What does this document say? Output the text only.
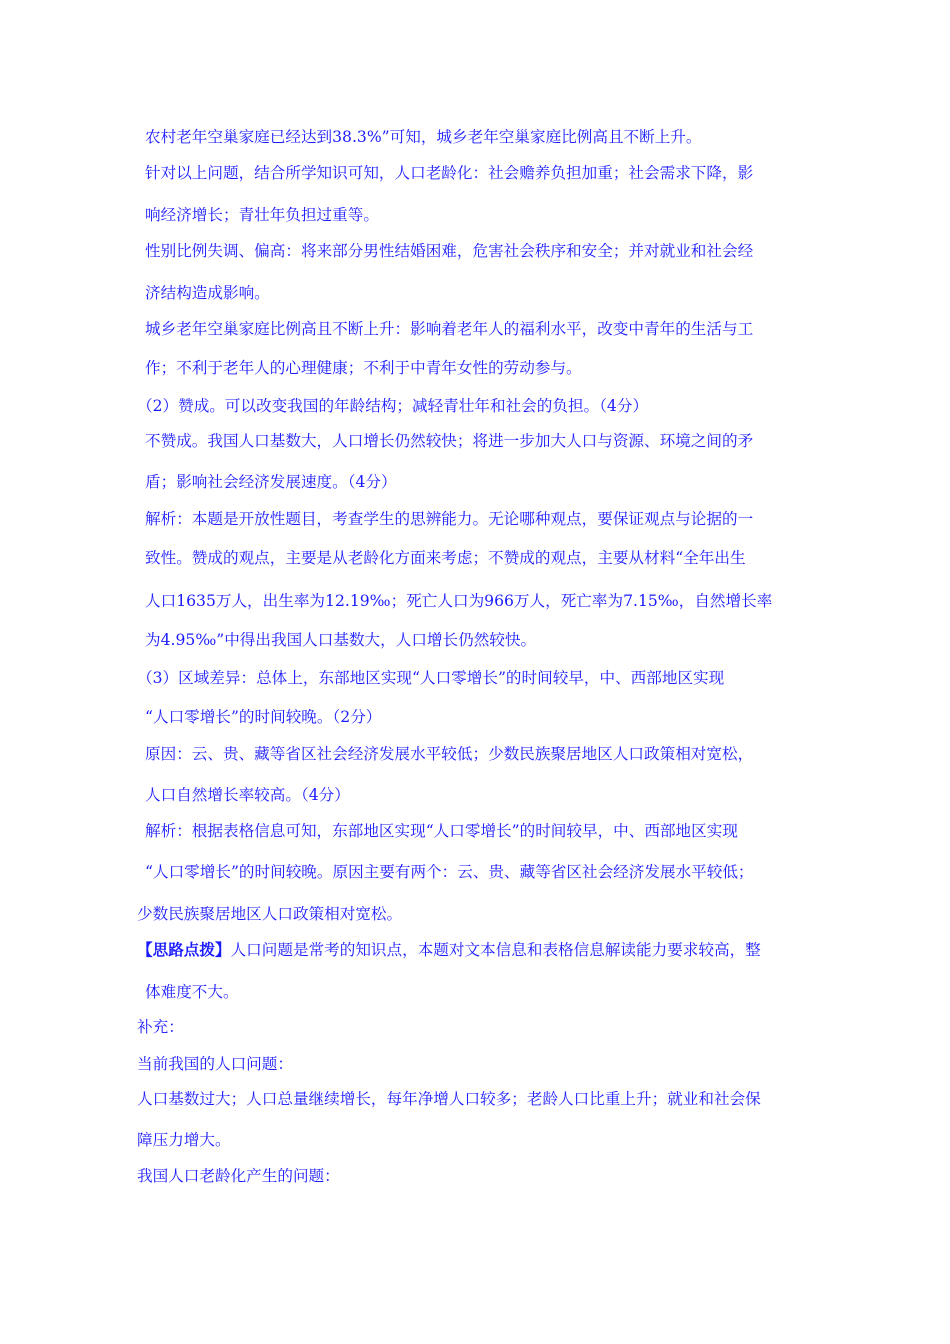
农村老年空巢家庭已经达到38.3%”可知，城乡老年空巢家庭比例高且不断上升。
针对以上问题，结合所学知识可知，人口老龄化：社会赡养负担加重；社会需求下降，影
响经济增长；青壮年负担过重等。
性别比例失调、偏高：将来部分男性结婚困难，危害社会秩序和安全；并对就业和社会经
济结构造成影响。
城乡老年空巢家庭比例高且不断上升：影响着老年人的福利水平，改变中青年的生活与工
作；不利于老年人的心理健康；不利于中青年女性的劳动参与。
（2）赞成。可以改变我国的年龄结构；减轻青壮年和社会的负担。（4分）
不赞成。我国人口基数大，人口增长仍然较快；将进一步加大人口与资源、环境之间的矛
盾；影响社会经济发展速度。（4分）
解析：本题是开放性题目，考查学生的思辨能力。无论哪种观点，要保证观点与论据的一
致性。赞成的观点，主要是从老龄化方面来考虑；不赞成的观点，主要从材料“全年出生
人口1635万人，出生率为12.19‰；死亡人口为966万人，死亡率为7.15‰，自然增长率
为4.95‰”中得出我国人口基数大，人口增长仍然较快。
（3）区域差异：总体上，东部地区实现“人口零增长”的时间较早，中、西部地区实现
“人口零增长”的时间较晚。（2分）
原因：云、贵、藏等省区社会经济发展水平较低；少数民族聚居地区人口政策相对宽松，
人口自然增长率较高。（4分）
解析：根据表格信息可知，东部地区实现“人口零增长”的时间较早，中、西部地区实现
“人口零增长”的时间较晚。原因主要有两个：云、贵、藏等省区社会经济发展水平较低；
少数民族聚居地区人口政策相对宽松。
【思路点拨】人口问题是常考的知识点，本题对文本信息和表格信息解读能力要求较高，整
体难度不大。
补充：
当前我国的人口问题：
人口基数过大；人口总量继续增长，每年净增人口较多；老龄人口比重上升；就业和社会保
障压力增大。
我国人口老龄化产生的问题：
